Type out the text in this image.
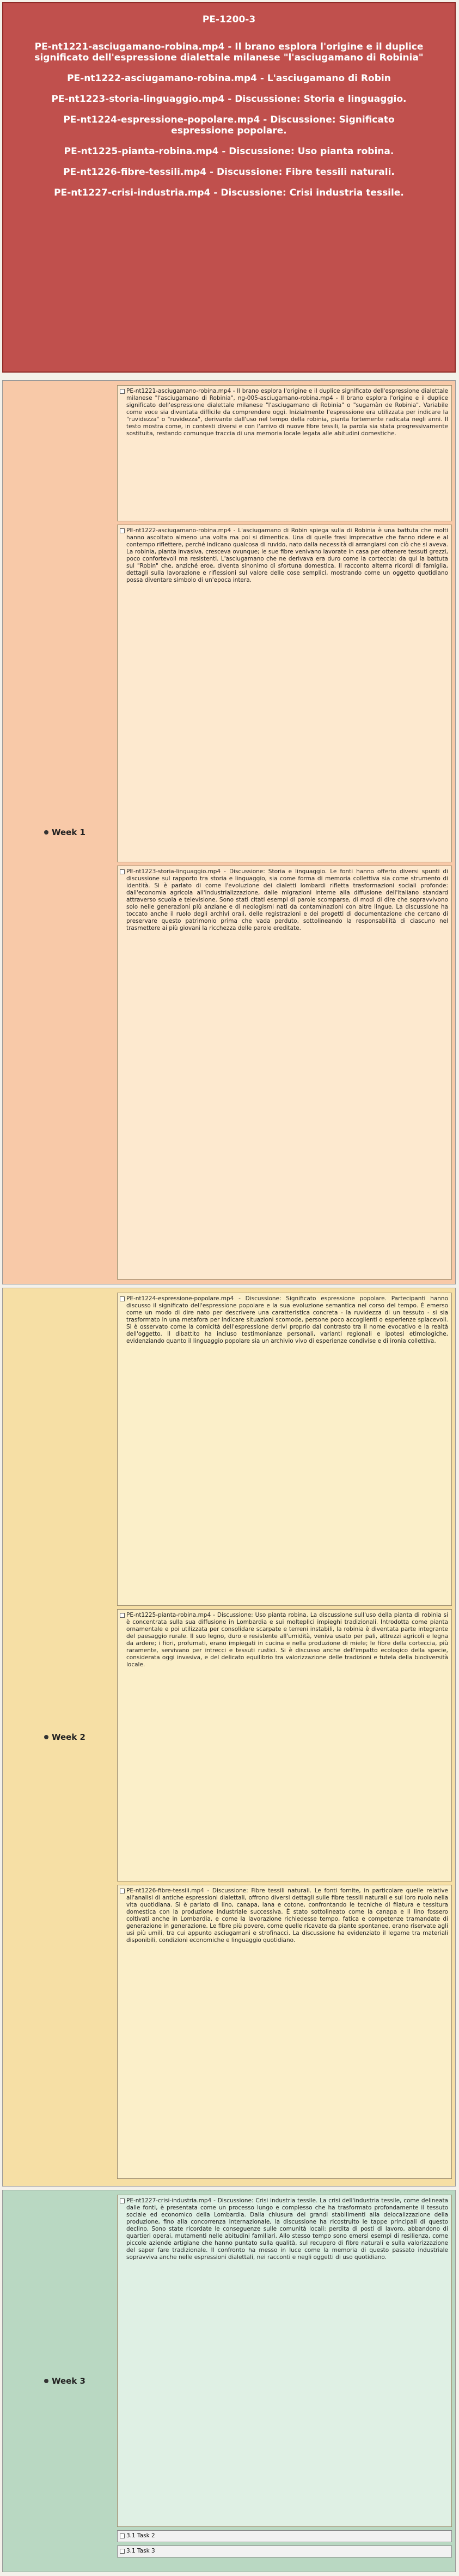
PE-1200-3
PE-nt1221-asciugamano-robina.mp4 - Il brano esplora l'origine e il duplice significato dell'espressione dialettale milanese "l'asciugamano di Robinia"
PE-nt1222-asciugamano-robina.mp4 - L'asciugamano di Robin
PE-nt1223-storia-linguaggio.mp4 - Discussione: Storia e linguaggio.
PE-nt1224-espressione-popolare.mp4 - Discussione: Significato espressione popolare.
PE-nt1225-pianta-robina.mp4 - Discussione: Uso pianta robina.
PE-nt1226-fibre-tessili.mp4 - Discussione: Fibre tessili naturali.
PE-nt1227-crisi-industria.mp4 - Discussione: Crisi industria tessile.
Week 1

PE-nt1221-asciugamano-robina.mp4 - Il brano esplora l'origine e il duplice significato dell'espressione dialettale milanese "l'asciugamano di Robinia", ng-005-asciugamano-robina.mp4 - Il brano esplora l'origine e il duplice significato dell'espressione dialettale milanese "l'asciugamano di Robinia" o "sugamàn de Robinia". Variabile come voce sia diventata difficile da comprendere oggi. Inizialmente l'espressione era utilizzata per indicare la "ruvidezza" o "ruvidezza", derivante dall'uso nel tempo della robinia, pianta fortemente radicata negli anni. Il testo mostra come, in contesti diversi e con l'arrivo di nuove fibre tessili, la parola sia stata progressivamente sostituita, restando comunque traccia di una memoria locale legata alle abitudini domestiche.

PE-nt1222-asciugamano-robina.mp4 - L'asciugamano di Robin spiega sulla di Robinia è una battuta che molti hanno ascoltato almeno una volta ma poi si dimentica. Una di quelle frasi imprecative che fanno ridere e al contempo riflettere, perché indicano qualcosa di ruvido, nato dalla necessità di arrangiarsi con ciò che si aveva. La robinia, pianta invasiva, cresceva ovunque; le sue fibre venivano lavorate in casa per ottenere tessuti grezzi, poco confortevoli ma resistenti. L'asciugamano che ne derivava era duro come la corteccia: da qui la battuta sul "Robin" che, anziché eroe, diventa sinonimo di sfortuna domestica. Il racconto alterna ricordi di famiglia, dettagli sulla lavorazione e riflessioni sul valore delle cose semplici, mostrando come un oggetto quotidiano possa diventare simbolo di un'epoca intera.

PE-nt1223-storia-linguaggio.mp4 - Discussione: Storia e linguaggio. Le fonti hanno offerto diversi spunti di discussione sul rapporto tra storia e linguaggio, sia come forma di memoria collettiva sia come strumento di identità. Si è parlato di come l'evoluzione dei dialetti lombardi rifletta trasformazioni sociali profonde: dall'economia agricola all'industrializzazione, dalle migrazioni interne alla diffusione dell'italiano standard attraverso scuola e televisione. Sono stati citati esempi di parole scomparse, di modi di dire che sopravvivono solo nelle generazioni più anziane e di neologismi nati da contaminazioni con altre lingue. La discussione ha toccato anche il ruolo degli archivi orali, delle registrazioni e dei progetti di documentazione che cercano di preservare questo patrimonio prima che vada perduto, sottolineando la responsabilità di ciascuno nel trasmettere ai più giovani la ricchezza delle parole ereditate.

Week 2

PE-nt1224-espressione-popolare.mp4 - Discussione: Significato espressione popolare. Partecipanti hanno discusso il significato dell'espressione popolare e la sua evoluzione semantica nel corso del tempo. È emerso come un modo di dire nato per descrivere una caratteristica concreta - la ruvidezza di un tessuto - si sia trasformato in una metafora per indicare situazioni scomode, persone poco accoglienti o esperienze spiacevoli. Si è osservato come la comicità dell'espressione derivi proprio dal contrasto tra il nome evocativo e la realtà dell'oggetto. Il dibattito ha incluso testimonianze personali, varianti regionali e ipotesi etimologiche, evidenziando quanto il linguaggio popolare sia un archivio vivo di esperienze condivise e di ironia collettiva.

PE-nt1225-pianta-robina.mp4 - Discussione: Uso pianta robina. La discussione sull'uso della pianta di robinia si è concentrata sulla sua diffusione in Lombardia e sui molteplici impieghi tradizionali. Introdotta come pianta ornamentale e poi utilizzata per consolidare scarpate e terreni instabili, la robinia è diventata parte integrante del paesaggio rurale. Il suo legno, duro e resistente all'umidità, veniva usato per pali, attrezzi agricoli e legna da ardere; i fiori, profumati, erano impiegati in cucina e nella produzione di miele; le fibre della corteccia, più raramente, servivano per intrecci e tessuti rustici. Si è discusso anche dell'impatto ecologico della specie, considerata oggi invasiva, e del delicato equilibrio tra valorizzazione delle tradizioni e tutela della biodiversità locale.

PE-nt1226-fibre-tessili.mp4 - Discussione: Fibre tessili naturali. Le fonti fornite, in particolare quelle relative all'analisi di antiche espressioni dialettali, offrono diversi dettagli sulle fibre tessili naturali e sul loro ruolo nella vita quotidiana. Si è parlato di lino, canapa, lana e cotone, confrontando le tecniche di filatura e tessitura domestica con la produzione industriale successiva. È stato sottolineato come la canapa e il lino fossero coltivati anche in Lombardia, e come la lavorazione richiedesse tempo, fatica e competenze tramandate di generazione in generazione. Le fibre più povere, come quelle ricavate da piante spontanee, erano riservate agli usi più umili, tra cui appunto asciugamani e strofinacci. La discussione ha evidenziato il legame tra materiali disponibili, condizioni economiche e linguaggio quotidiano.

Week 3

PE-nt1227-crisi-industria.mp4 - Discussione: Crisi industria tessile. La crisi dell'industria tessile, come delineata dalle fonti, è presentata come un processo lungo e complesso che ha trasformato profondamente il tessuto sociale ed economico della Lombardia. Dalla chiusura dei grandi stabilimenti alla delocalizzazione della produzione, fino alla concorrenza internazionale, la discussione ha ricostruito le tappe principali di questo declino. Sono state ricordate le conseguenze sulle comunità locali: perdita di posti di lavoro, abbandono di quartieri operai, mutamenti nelle abitudini familiari. Allo stesso tempo sono emersi esempi di resilienza, come piccole aziende artigiane che hanno puntato sulla qualità, sul recupero di fibre naturali e sulla valorizzazione del saper fare tradizionale. Il confronto ha messo in luce come la memoria di questo passato industriale sopravviva anche nelle espressioni dialettali, nei racconti e negli oggetti di uso quotidiano.

3.1 Task 2
3.1 Task 3
